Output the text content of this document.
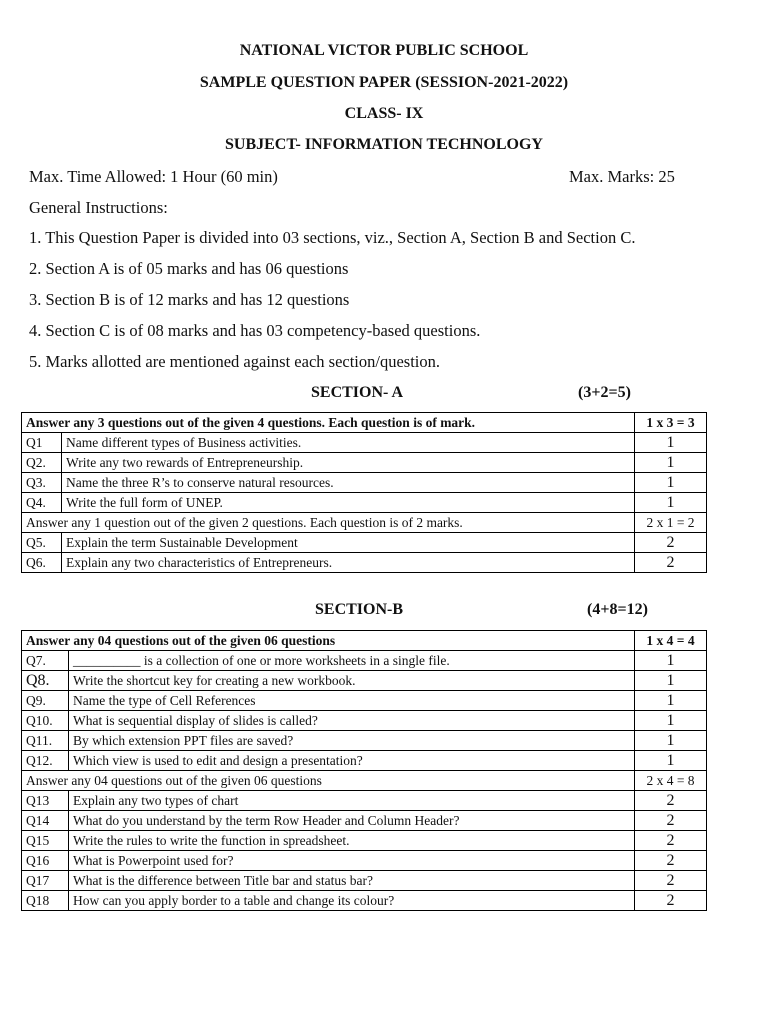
NATIONAL VICTOR PUBLIC SCHOOL
SAMPLE QUESTION PAPER (SESSION-2021-2022)
CLASS- IX
SUBJECT- INFORMATION TECHNOLOGY
Max. Time Allowed: 1 Hour (60 min)	Max. Marks: 25
General Instructions:
1. This Question Paper is divided into 03 sections, viz., Section A, Section B and Section C.
2. Section A is of 05 marks and has 06 questions
3. Section B is of 12 marks and has 12 questions
4. Section C is of 08 marks and has 03 competency-based questions.
5. Marks allotted are mentioned against each section/question.
SECTION- A	(3+2=5)
Answer any 3 questions out of the given 4 questions. Each question is of mark.		1 x 3 = 3
Q1	Name different types of Business activities.	1
Q2.	Write any two rewards of Entrepreneurship.	1
Q3.	Name the three R’s to conserve natural resources.	1
Q4.	Write the full form of UNEP.	1
Answer any 1 question out of the given 2 questions. Each question is of 2 marks.		2 x 1 = 2
Q5.	Explain the term Sustainable Development	2
Q6.	Explain any two characteristics of Entrepreneurs.	2
SECTION-B	(4+8=12)
Answer any 04 questions out of the given 06 questions		1 x 4 = 4
Q7.	__________ is a collection of one or more worksheets in a single file.	1
Q8.	Write the shortcut key for creating a new workbook.	1
Q9.	Name the type of Cell References	1
Q10.	What is sequential display of slides is called?	1
Q11.	By which extension PPT files are saved?	1
Q12.	Which view is used to edit and design a presentation?	1
Answer any 04 questions out of the given 06 questions		2 x 4 = 8
Q13	Explain any two types of chart	2
Q14	What do you understand by the term Row Header and Column Header?	2
Q15	Write the rules to write the function in spreadsheet.	2
Q16	What is Powerpoint used for?	2
Q17	What is the difference between Title bar and status bar?	2
Q18	How can you apply border to a table and change its colour?	2
